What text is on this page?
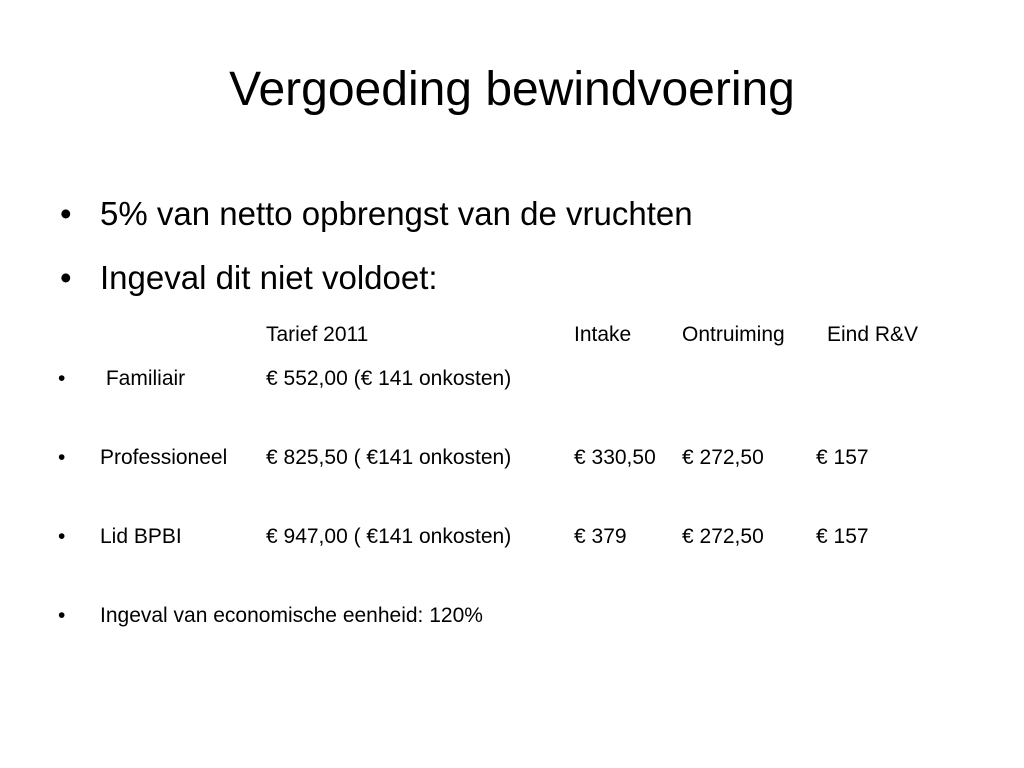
Vergoeding bewindvoering
• 5% van netto opbrengst van de vruchten
• Ingeval dit niet voldoet:
Tarief 2011	Intake Ontruiming Eind R&V
• Familiair	€ 552,00 (€ 141 onkosten)
• Professioneel € 825,50 ( €141 onkosten)	€ 330,50 € 272,50 € 157
• Lid BPBI	€ 947,00 ( €141 onkosten)	€ 379	€ 272,50 € 157
• Ingeval van economische eenheid: 120%
